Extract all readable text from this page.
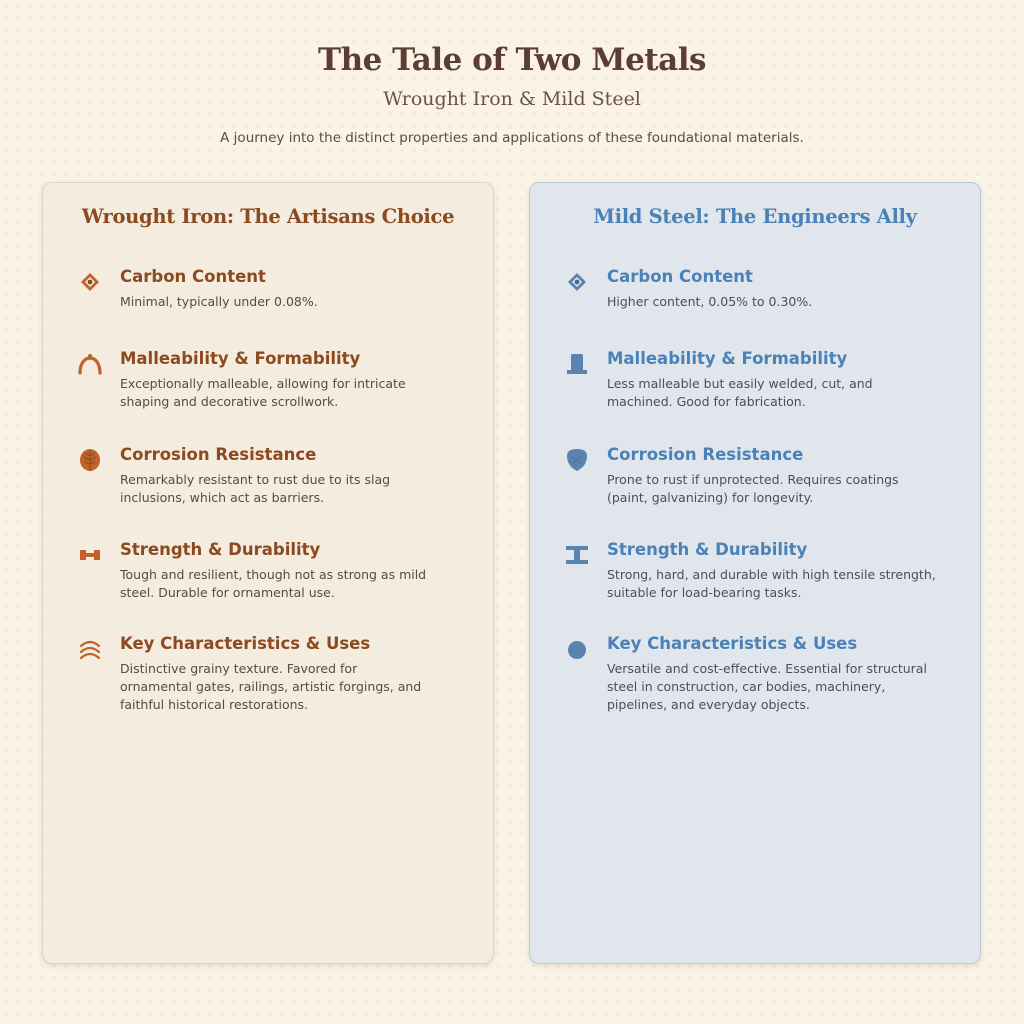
The Tale of Two Metals
Wrought Iron & Mild Steel
A journey into the distinct properties and applications of these foundational materials.
Wrought Iron: The Artisans Choice
Carbon Content
Minimal, typically under 0.08%.
Malleability & Formability
Exceptionally malleable, allowing for intricate shaping and decorative scrollwork.
Corrosion Resistance
Remarkably resistant to rust due to its slag inclusions, which act as barriers.
Strength & Durability
Tough and resilient, though not as strong as mild steel. Durable for ornamental use.
Key Characteristics & Uses
Distinctive grainy texture. Favored for ornamental gates, railings, artistic forgings, and faithful historical restorations.
Mild Steel: The Engineers Ally
Carbon Content
Higher content, 0.05% to 0.30%.
Malleability & Formability
Less malleable but easily welded, cut, and machined. Good for fabrication.
Corrosion Resistance
Prone to rust if unprotected. Requires coatings (paint, galvanizing) for longevity.
Strength & Durability
Strong, hard, and durable with high tensile strength, suitable for load-bearing tasks.
Key Characteristics & Uses
Versatile and cost-effective. Essential for structural steel in construction, car bodies, machinery, pipelines, and everyday objects.
